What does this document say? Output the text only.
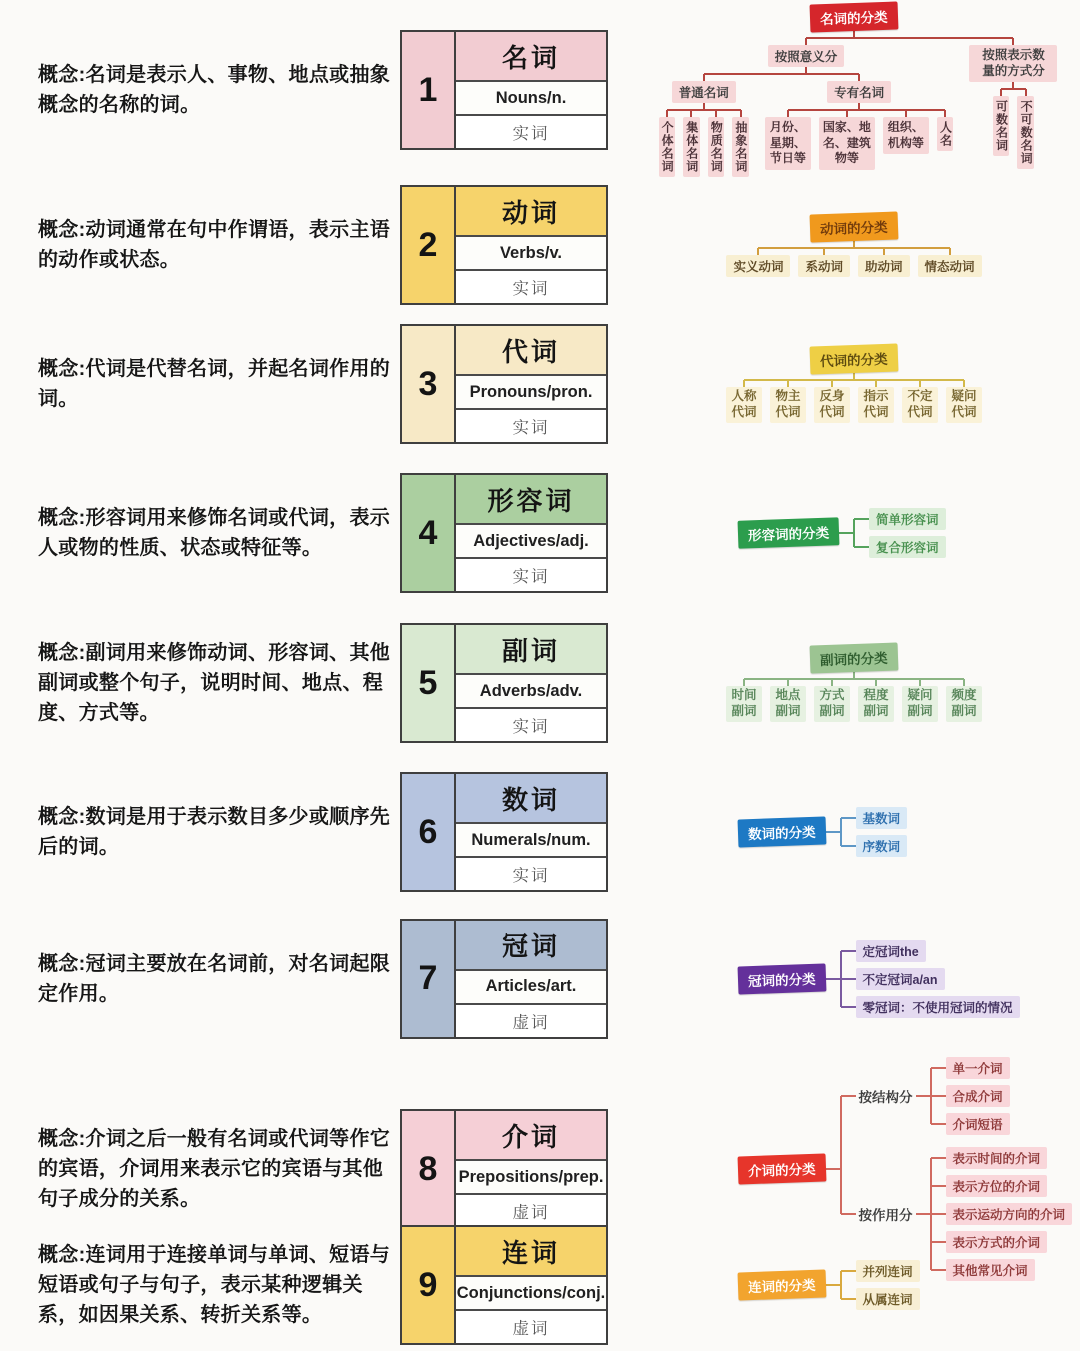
概念:名词是表示人、事物、地点或抽象概念的名称的词。	1
名词
Nouns/n.
实词
名词的分类
按照意义分
普通名词
个体名词 集体名词 物质名词 抽象名词
专有名词
月份、星期、节日等
国家、地名、建筑物等
组织、机构等	人名
按照表示数量的方式分
可数名词 不可数名词
概念:动词通常在句中作谓语，表示主语的动作或状态。	2
动词
Verbs/v.
实词
动词的分类
实义动词	系动词	助动词	情态动词
概念:代词是代替名词，并起名词作用的词。	3
代词
Pronouns/pron.
实词
代词的分类
人称代词
物主代词
反身代词
指示代词
不定代词
疑问代词
概念:形容词用来修饰名词或代词，表示人或物的性质、状态或特征等。	4
形容词
Adjectives/adj.
实词
形容词的分类
简单形容词
复合形容词
概念:副词用来修饰动词、形容词、其他副词或整个句子，说明时间、地点、程度、方式等。
5
副词
Adverbs/adv.
实词
副词的分类
时间副词
地点副词
方式副词
程度副词
疑问副词
频度副词
概念:数词是用于表示数目多少或顺序先后的词。	6
数词
Numerals/num.
实词
数词的分类
基数词
序数词
概念:冠词主要放在名词前，对名词起限定作用。	7
冠词
Articles/art.
虚词
冠词的分类
定冠词the
不定冠词a/an
零冠词：不使用冠词的情况
概念:介词之后一般有名词或代词等作它的宾语，介词用来表示它的宾语与其他句子成分的关系。
8
介词
Prepositions/prep.
虚词
介词的分类
按结构分
单一介词
合成介词
介词短语
按作用分
表示时间的介词
表示方位的介词
表示运动方向的介词
表示方式的介词
其他常见介词
概念:连词用于连接单词与单词、短语与短语或句子与句子，表示某种逻辑关系，如因果关系、转折关系等。
9
连词
Conjunctions/conj.
虚词
连词的分类
并列连词
从属连词
